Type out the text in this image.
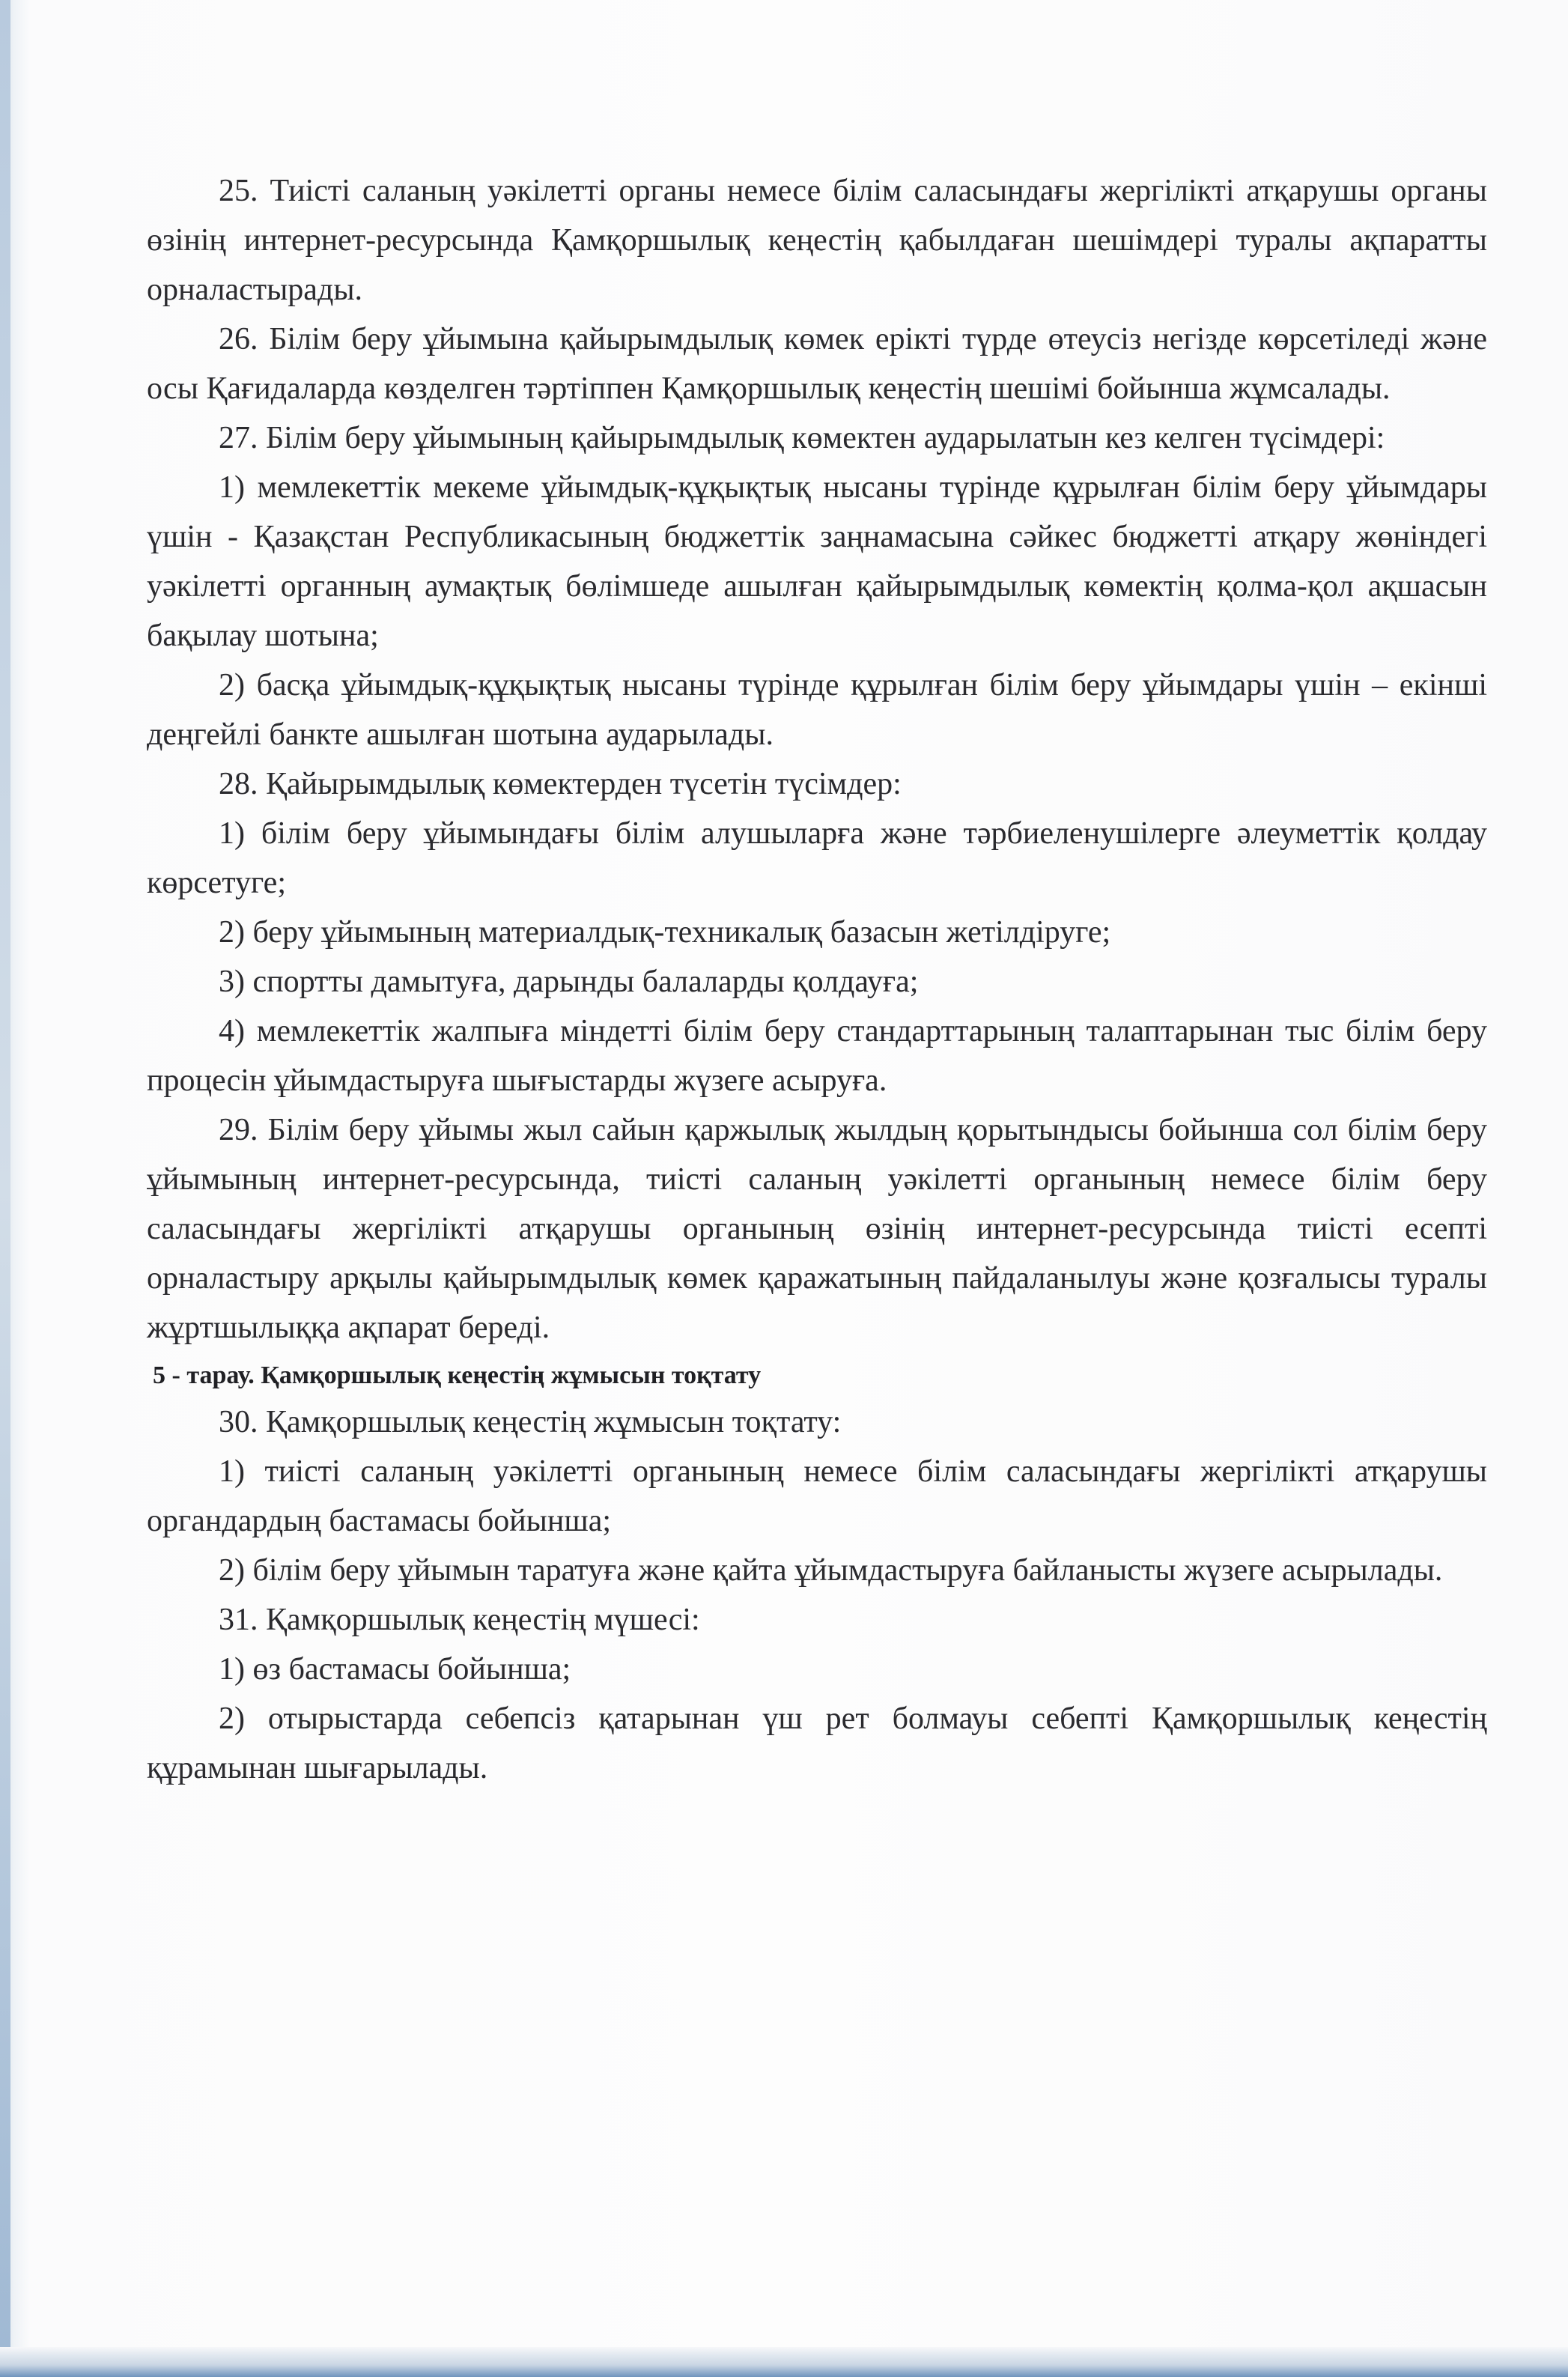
25. Тиісті саланың уәкілетті органы немесе білім саласындағы жергілікті атқарушы органы өзінің интернет-ресурсында Қамқоршылық кеңестің қабылдаған шешімдері туралы ақпаратты орналастырады.

26. Білім беру ұйымына қайырымдылық көмек ерікті түрде өтеусіз негізде көрсетіледі және осы Қағидаларда көзделген тәртіппен Қамқоршылық кеңестің шешімі бойынша жұмсалады.

27. Білім беру ұйымының қайырымдылық көмектен аударылатын кез келген түсімдері:

1) мемлекеттік мекеме ұйымдық-құқықтық нысаны түрінде құрылған білім беру ұйымдары үшін - Қазақстан Республикасының бюджеттік заңнамасына сәйкес бюджетті атқару жөніндегі уәкілетті органның аумақтық бөлімшеде ашылған қайырымдылық көмектің қолма-қол ақшасын бақылау шотына;

2) басқа ұйымдық-құқықтық нысаны түрінде құрылған білім беру ұйымдары үшін – екінші деңгейлі банкте ашылған шотына аударылады.

28. Қайырымдылық көмектерден түсетін түсімдер:

1) білім беру ұйымындағы білім алушыларға және тәрбиеленушілерге әлеуметтік қолдау көрсетуге;

2) беру ұйымының материалдық-техникалық базасын жетілдіруге;

3) спортты дамытуға, дарынды балаларды қолдауға;

4) мемлекеттік жалпыға міндетті білім беру стандарттарының талаптарынан тыс білім беру процесін ұйымдастыруға шығыстарды жүзеге асыруға.

29. Білім беру ұйымы жыл сайын қаржылық жылдың қорытындысы бойынша сол білім беру ұйымының интернет-ресурсында, тиісті саланың уәкілетті органының немесе білім беру саласындағы жергілікті атқарушы органының өзінің интернет-ресурсында тиісті есепті орналастыру арқылы қайырымдылық көмек қаражатының пайдаланылуы және қозғалысы туралы жұртшылыққа ақпарат береді.

5 - тарау. Қамқоршылық кеңестің жұмысын тоқтату

30. Қамқоршылық кеңестің жұмысын тоқтату:

1) тиісті саланың уәкілетті органының немесе білім саласындағы жергілікті атқарушы органдардың бастамасы бойынша;

2) білім беру ұйымын таратуға және қайта ұйымдастыруға байланысты жүзеге асырылады.

31. Қамқоршылық кеңестің мүшесі:

1) өз бастамасы бойынша;

2) отырыстарда себепсіз қатарынан үш рет болмауы себепті Қамқоршылық кеңестің құрамынан шығарылады.
